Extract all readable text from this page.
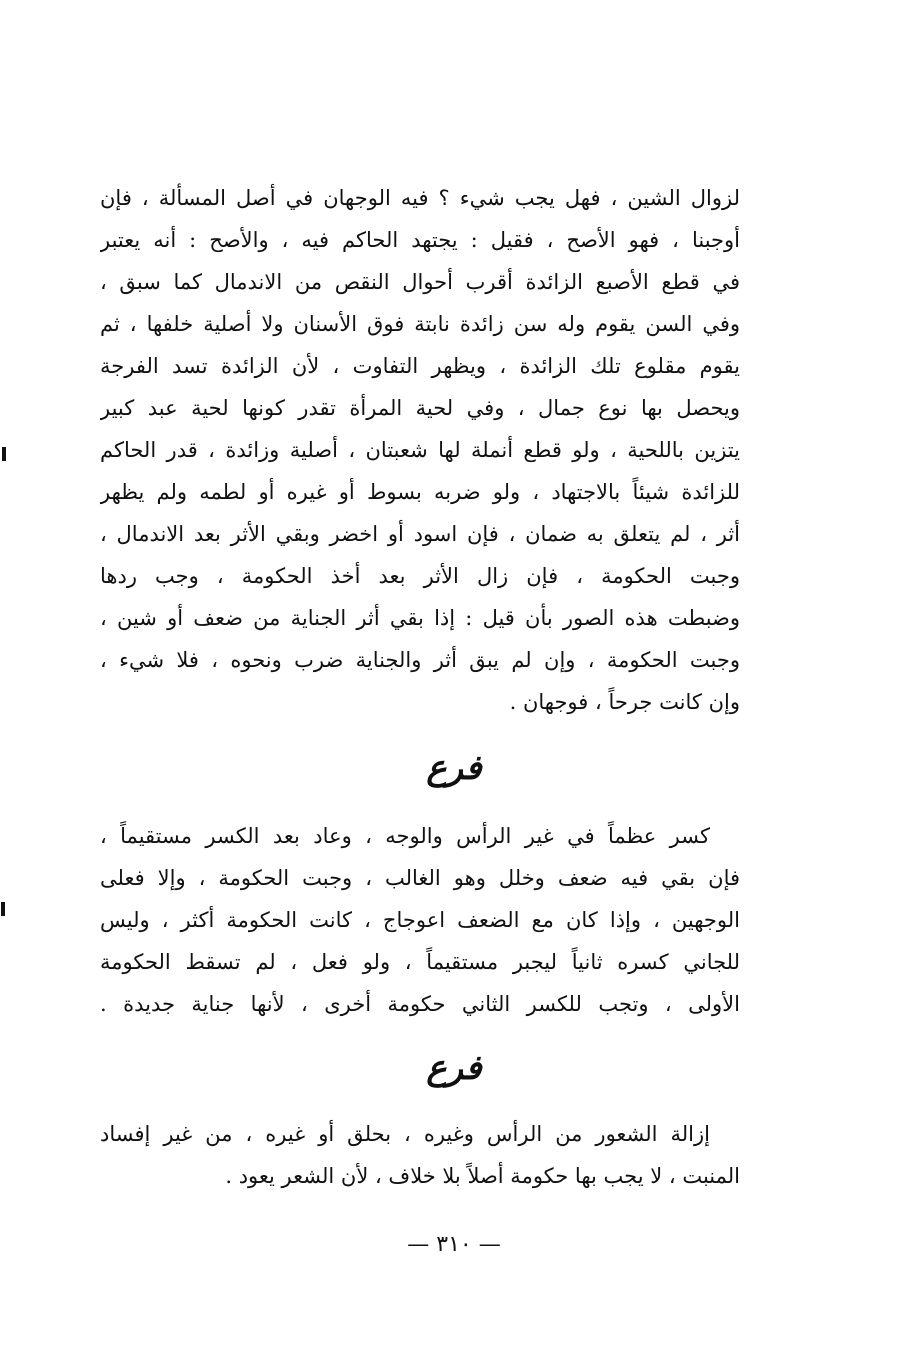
لزوال الشين ، فهل يجب شيء ؟ فيه الوجهان في أصل المسألة ، فإن
أوجبنا ، فهو الأصح ، فقيل : يجتهد الحاكم فيه ، والأصح : أنه يعتبر
في قطع الأصبع الزائدة أقرب أحوال النقص من الاندمال كما سبق ،
وفي السن يقوم وله سن زائدة نابتة فوق الأسنان ولا أصلية خلفها ، ثم
يقوم مقلوع تلك الزائدة ، ويظهر التفاوت ، لأن الزائدة تسد الفرجة
ويحصل بها نوع جمال ، وفي لحية المرأة تقدر كونها لحية عبد كبير
يتزين باللحية ، ولو قطع أنملة لها شعبتان ، أصلية وزائدة ، قدر الحاكم
للزائدة شيئاً بالاجتهاد ، ولو ضربه بسوط أو غيره أو لطمه ولم يظهر
أثر ، لم يتعلق به ضمان ، فإن اسود أو اخضر وبقي الأثر بعد الاندمال ،
وجبت الحكومة ، فإن زال الأثر بعد أخذ الحكومة ، وجب ردها
وضبطت هذه الصور بأن قيل : إذا بقي أثر الجناية من ضعف أو شين ،
وجبت الحكومة ، وإن لم يبق أثر والجناية ضرب ونحوه ، فلا شيء ،
وإن كانت جرحاً ، فوجهان .
فرع
كسر عظماً في غير الرأس والوجه ، وعاد بعد الكسر مستقيماً ،
فإن بقي فيه ضعف وخلل وهو الغالب ، وجبت الحكومة ، وإلا فعلى
الوجهين ، وإذا كان مع الضعف اعوجاج ، كانت الحكومة أكثر ، وليس
للجاني كسره ثانياً ليجبر مستقيماً ، ولو فعل ، لم تسقط الحكومة
الأولى ، وتجب للكسر الثاني حكومة أخرى ، لأنها جناية جديدة .
فرع
إزالة الشعور من الرأس وغيره ، بحلق أو غيره ، من غير إفساد
المنبت ، لا يجب بها حكومة أصلاً بلا خلاف ، لأن الشعر يعود .
— ٣١٠ —
